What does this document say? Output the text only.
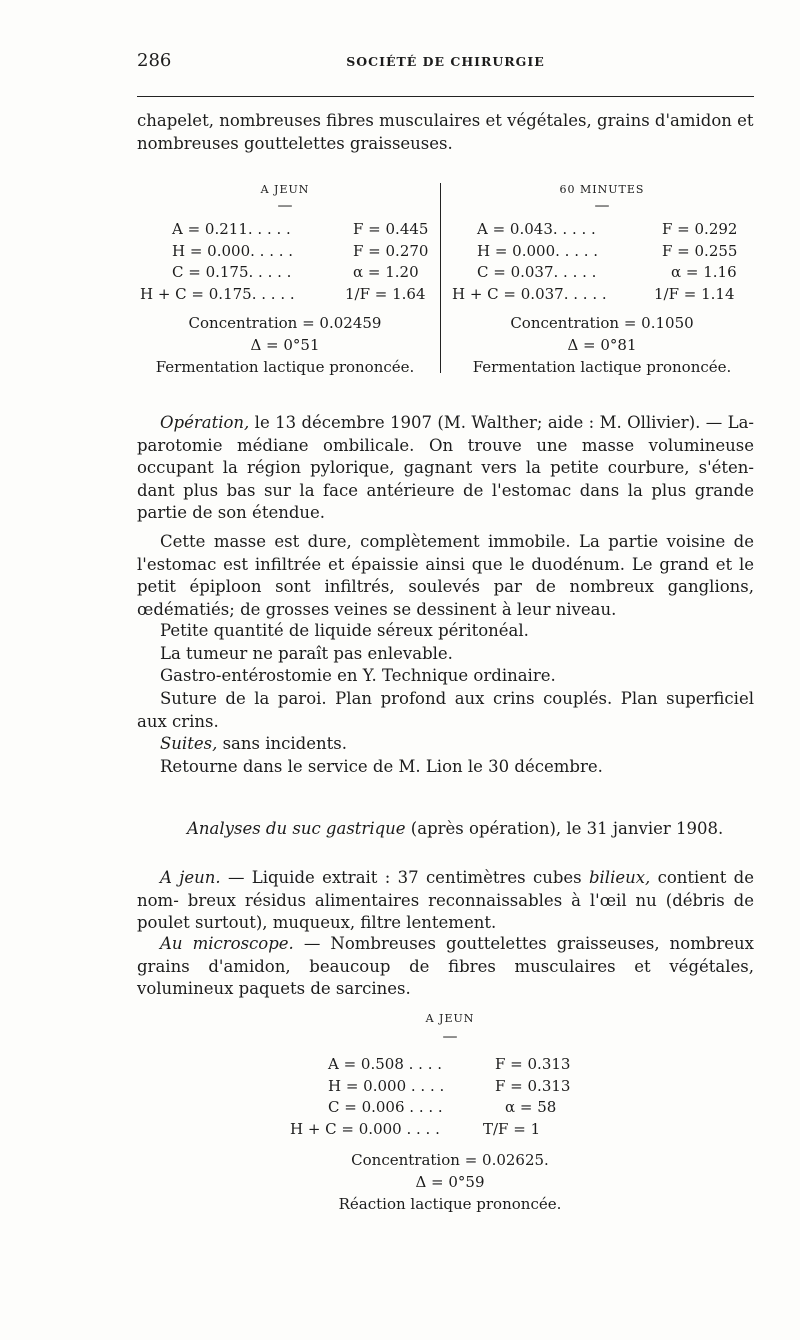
286	SOCIÉTÉ DE CHIRURGIE
chapelet, nombreuses fibres musculaires et végétales, grains d'amidon et
nombreuses gouttelettes graisseuses.
A JEUN
—
A = 0.211. . . . .	F = 0.445
H = 0.000. . . . .	F = 0.270
C = 0.175. . . . .	α = 1.20
H + C = 0.175. . . . .	1/F = 1.64
Concentration = 0.02459
Δ = 0°51
Fermentation lactique prononcée.
60 MINUTES
—
A = 0.043. . . . .	F = 0.292
H = 0.000. . . . .	F = 0.255
C = 0.037. . . . .	α = 1.16
H + C = 0.037. . . . .	1/F = 1.14
Concentration = 0.1050
Δ = 0°81
Fermentation lactique prononcée.
Opération, le 13 décembre 1907 (M. Walther; aide : M. Ollivier). — La- parotomie médiane ombilicale. On trouve une masse volumineuse occupant la région pylorique, gagnant vers la petite courbure, s'éten- dant plus bas sur la face antérieure de l'estomac dans la plus grande partie de son étendue.
Cette masse est dure, complètement immobile. La partie voisine de l'estomac est infiltrée et épaissie ainsi que le duodénum. Le grand et le petit épiploon sont infiltrés, soulevés par de nombreux ganglions, œdématiés; de grosses veines se dessinent à leur niveau.
Petite quantité de liquide séreux péritonéal.
La tumeur ne paraît pas enlevable.
Gastro-entérostomie en Y. Technique ordinaire.
Suture de la paroi. Plan profond aux crins couplés. Plan superficiel aux crins.
Suites, sans incidents.
Retourne dans le service de M. Lion le 30 décembre.
Analyses du suc gastrique (après opération), le 31 janvier 1908.
A jeun. — Liquide extrait : 37 centimètres cubes bilieux, contient de nom- breux résidus alimentaires reconnaissables à l'œil nu (débris de poulet surtout), muqueux, filtre lentement.
Au microscope. — Nombreuses gouttelettes graisseuses, nombreux grains d'amidon, beaucoup de fibres musculaires et végétales, volumineux paquets de sarcines.
A JEUN
—
A = 0.508 . . . .	F = 0.313
H = 0.000 . . . .	F = 0.313
C = 0.006 . . . .	α = 58
H + C = 0.000 . . . .	T/F = 1
Concentration = 0.02625.
Δ = 0°59
Réaction lactique prononcée.
